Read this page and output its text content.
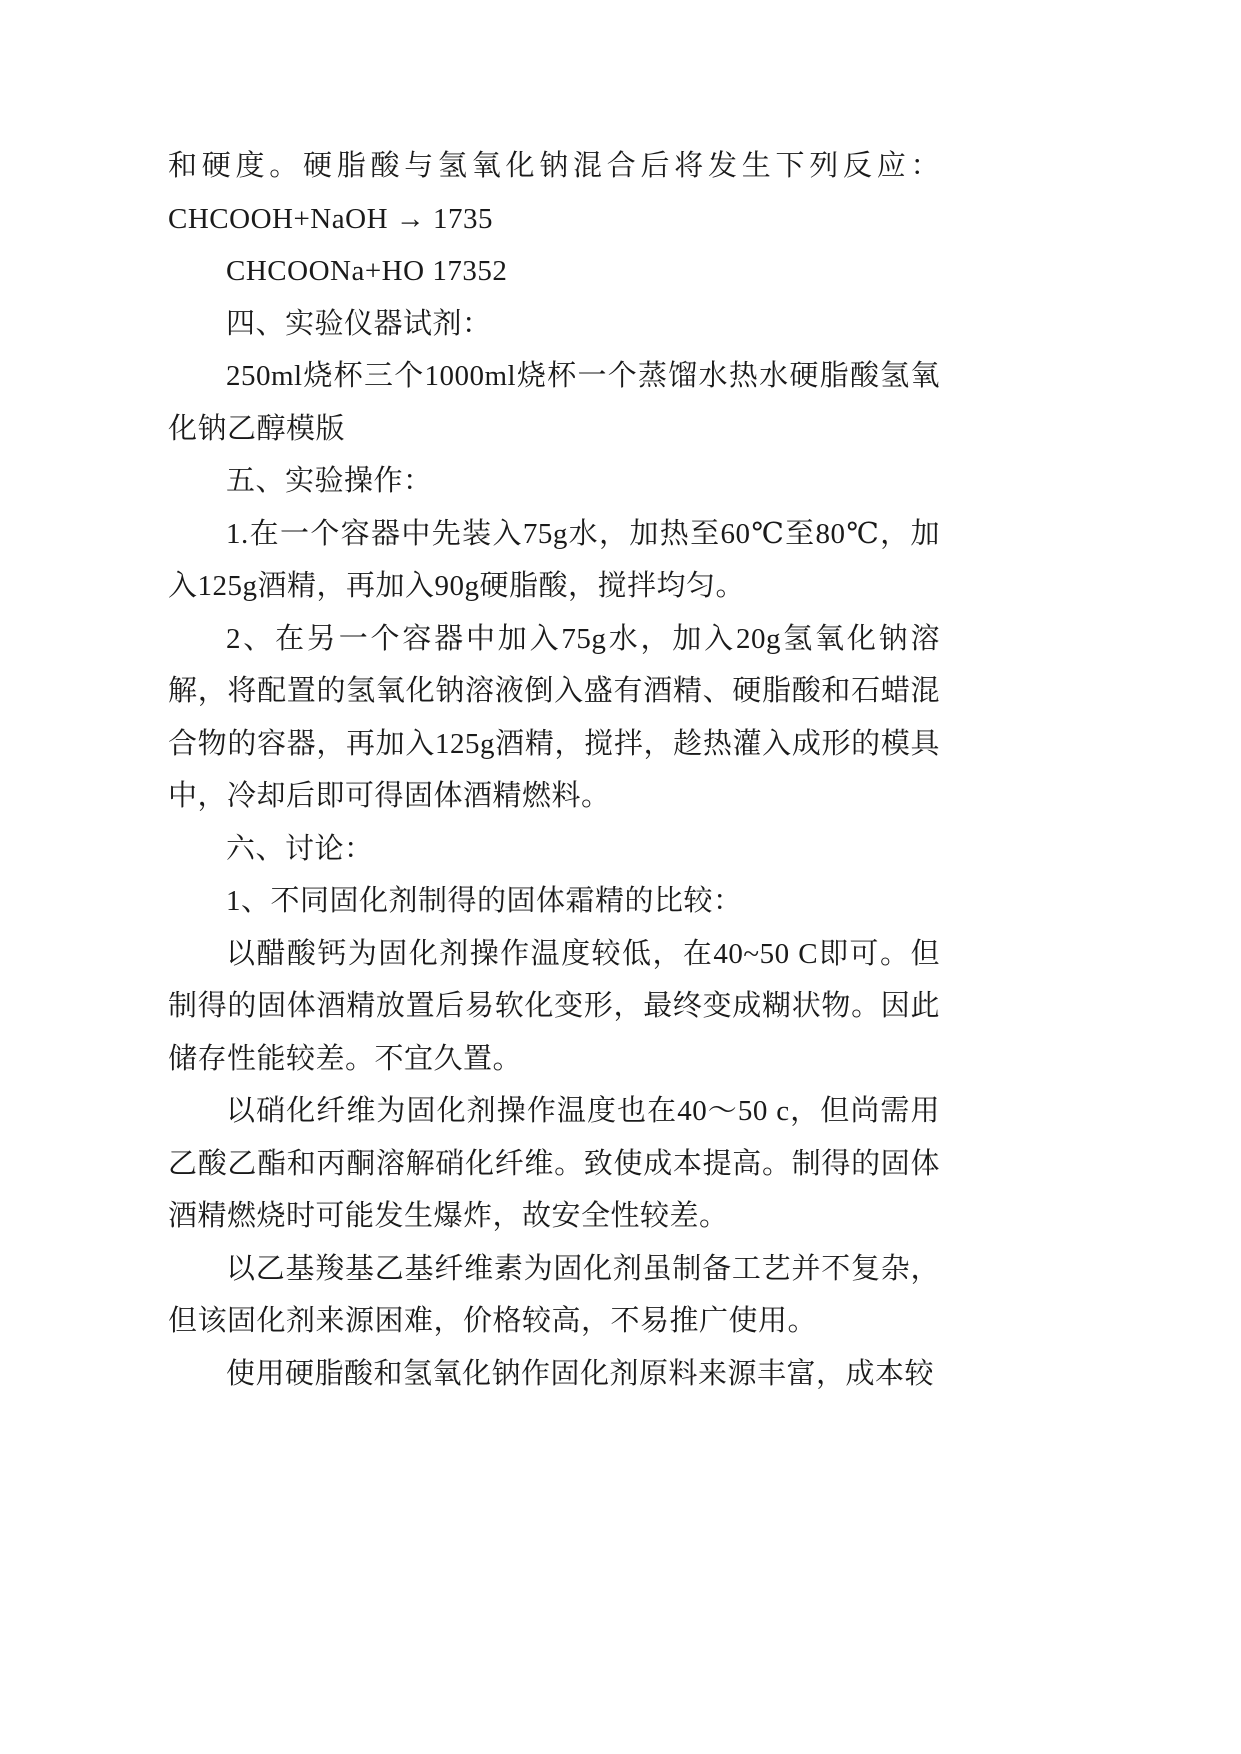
和硬度。硬脂酸与氢氧化钠混合后将发生下列反应：

CHCOOH+NaOH → 1735

CHCOONa+HO 17352

四、实验仪器试剂：

250ml烧杯三个1000ml烧杯一个蒸馏水热水硬脂酸氢氧化钠乙醇模版

五、实验操作：

1.在一个容器中先装入75g水，加热至60℃至80℃，加入125g酒精，再加入90g硬脂酸，搅拌均匀。

2、在另一个容器中加入75g水，加入20g氢氧化钠溶解，将配置的氢氧化钠溶液倒入盛有酒精、硬脂酸和石蜡混合物的容器，再加入125g酒精，搅拌，趁热灌入成形的模具中，冷却后即可得固体酒精燃料。

六、讨论：

1、不同固化剂制得的固体霜精的比较：

以醋酸钙为固化剂操作温度较低，在40~50 C即可。但制得的固体酒精放置后易软化变形，最终变成糊状物。因此储存性能较差。不宜久置。

以硝化纤维为固化剂操作温度也在40～50 c，但尚需用乙酸乙酯和丙酮溶解硝化纤维。致使成本提高。制得的固体酒精燃烧时可能发生爆炸，故安全性较差。

以乙基羧基乙基纤维素为固化剂虽制备工艺并不复杂，但该固化剂来源困难，价格较高，不易推广使用。

使用硬脂酸和氢氧化钠作固化剂原料来源丰富，成本较
